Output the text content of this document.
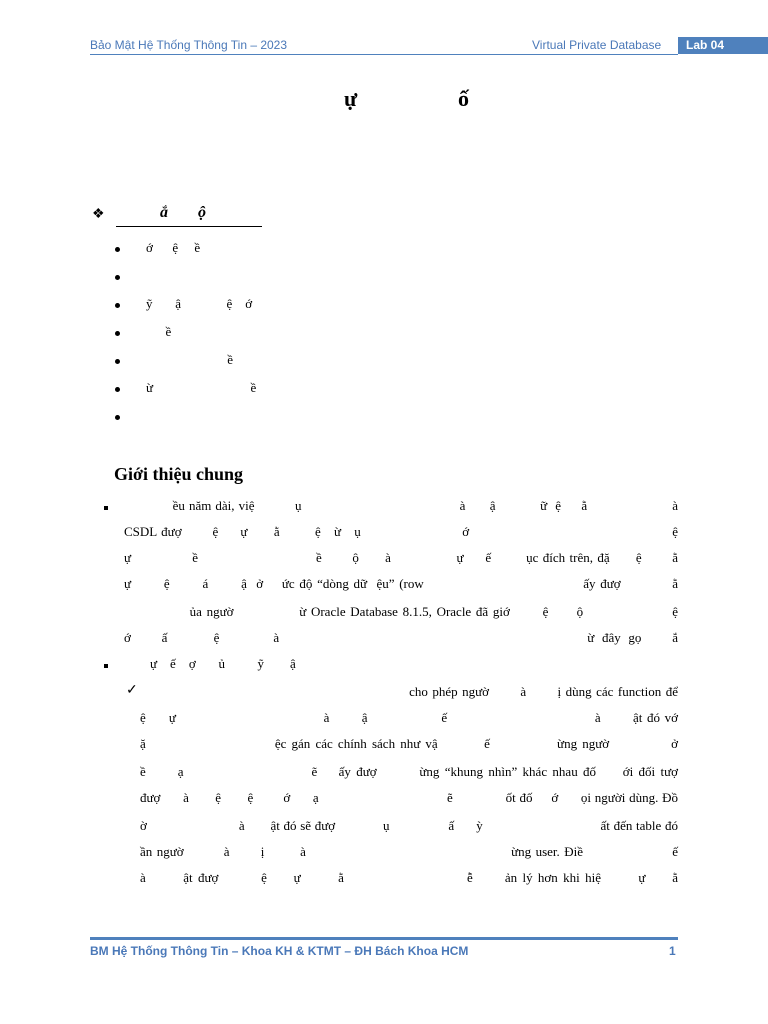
Bảo Mật Hệ Thống Thông Tin – 2023	Virtual Private Database	Lab 04
ự	ố
❖	ắ ộ
ớ      ệ     ề
ỹ       ậ              ệ    ớ
ề
ề
ừ                              ề
Giới thiệu chung
ều năm dài, việ          ụ                                       à      ậ           ữ  ệ     ằ                     à
CSDL đượ       ệ     ự      ằ        ệ   ừ   ụ                       ớ                                              ệ
ự              ề                           ề       ộ      à               ự     ế        ục đích trên, đặ      ệ       ằ
ự       ệ       á       ậ  ở    ức độ “dòng dữ  ệu” (row                                  ấy đượ           ằ
ủa ngườ              ừ Oracle Database 8.1.5, Oracle đã giớ       ệ      ộ                   ệ
ớ    ấ      ệ       à                                        ừ đây gọ    ắ
ự    ế    ợ       ủ          ỹ        ậ
✓ cho phép ngườ       à       ị dùng các function để
ệ     ự                                à       ậ                ế                                à       ật đó vớ
ặ                         ệc gán các chính sách như vậ         ế             ừng ngườ            ở
ề      ạ                        ẽ    ấy đượ        ừng “khung nhìn” khác nhau đố     ới đối tượ
đượ      à       ệ       ệ        ớ      ạ                                  ẽ              ốt đố     ớ      ọi người dùng. Đồ
ờ                         à       ật đó sẽ đượ             ụ                ấ      ỳ                                ất đến table đó
ần ngườ         à       ị        à                                              ừng user. Điề                    ế
à       ật đượ        ệ     ự       ằ                       ễ      ản lý hơn khi hiệ       ự     ằ
BM Hệ Thống Thông Tin – Khoa KH & KTMT – ĐH Bách Khoa HCM	1
